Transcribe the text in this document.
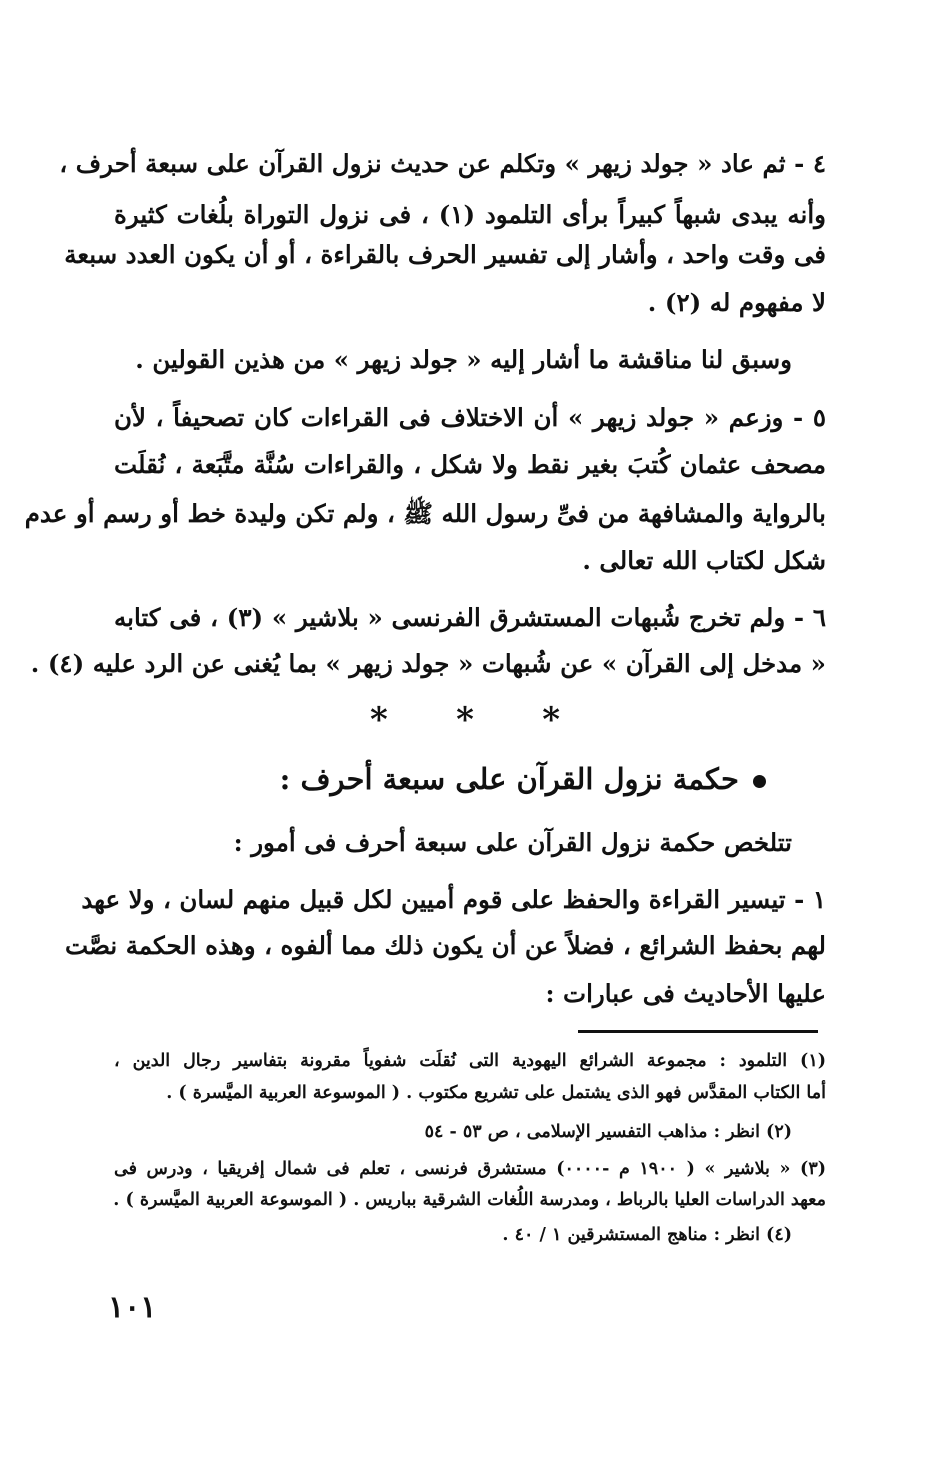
٤ - ثم عاد « جولد زيهر » وتكلم عن حديث نزول القرآن على سبعة أحرف ،
وأنه يبدى شبهاً كبيراً برأى التلمود (١) ، فى نزول التوراة بلُغات كثيرة
فى وقت واحد ، وأشار إلى تفسير الحرف بالقراءة ، أو أن يكون العدد سبعة
لا مفهوم له (٢) .
وسبق لنا مناقشة ما أشار إليه « جولد زيهر » من هذين القولين .
٥ - وزعم « جولد زيهر » أن الاختلاف فى القراءات كان تصحيفاً ، لأن
مصحف عثمان كُتبَ بغير نقط ولا شكل ، والقراءات سُنَّة متَّبَعة ، نُقلَت
بالرواية والمشافهة من فىِّ رسول الله ﷺ ، ولم تكن وليدة خط أو رسم أو عدم
شكل لكتاب الله تعالى .
٦ - ولم تخرج شُبهات المستشرق الفرنسى « بلاشير » (٣) ، فى كتابه
« مدخل إلى القرآن » عن شُبهات « جولد زيهر » بما يُغنى عن الرد عليه (٤) .
* * *
حكمة نزول القرآن على سبعة أحرف :
تتلخص حكمة نزول القرآن على سبعة أحرف فى أمور :
١ - تيسير القراءة والحفظ على قوم أميين لكل قبيل منهم لسان ، ولا عهد
لهم بحفظ الشرائع ، فضلاً عن أن يكون ذلك مما ألفوه ، وهذه الحكمة نصَّت
عليها الأحاديث فى عبارات :
(١) التلمود : مجموعة الشرائع اليهودية التى نُقلَت شفوياً مقرونة بتفاسير رجال الدين ،
أما الكتاب المقدَّس فهو الذى يشتمل على تشريع مكتوب . ( الموسوعة العربية الميَّسرة ) .
(٢) انظر : مذاهب التفسير الإسلامى ، ص ٥٣ - ٥٤
(٣) « بلاشير » ( ١٩٠٠ م -٠٠٠٠) مستشرق فرنسى ، تعلم فى شمال إفريقيا ، ودرس فى
معهد الدراسات العليا بالرباط ، ومدرسة اللُغات الشرقية بباريس . ( الموسوعة العربية الميَّسرة ) .
(٤) انظر : مناهج المستشرقين ١ / ٤٠ .
١٠١
